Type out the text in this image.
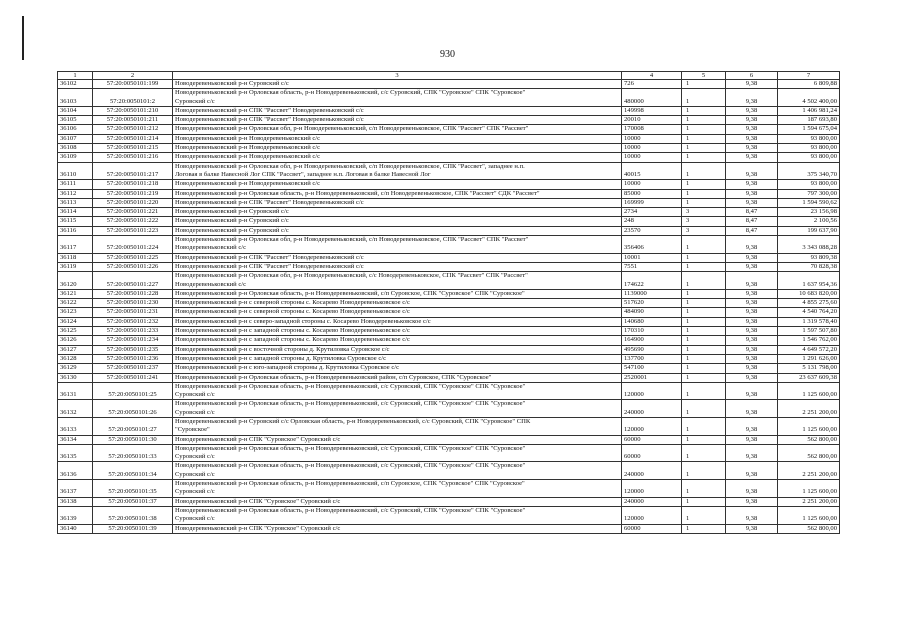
930
1	2	3	4	5	6	7
36102	57:20:0050101:199	Новодеревеньковский р-н Суровский с/с	726	1	9,38	6 809,88
36103	57:20:0050101:2	Новодеревеньковский р-н Орловская область, р-н Новодеревеньковский, с/с Суровский, СПК "Суровское" СПК "Суровское"
Суровский с/с	480000	1	9,38	4 502 400,00
36104	57:20:0050101:210	Новодеревеньковский р-н СПК "Рассвет" Новодеревеньковский с/с	149998	1	9,38	1 406 981,24
36105	57:20:0050101:211	Новодеревеньковский р-н СПК "Рассвет" Новодеревеньковский с/с	20010	1	9,38	187 693,80
36106	57:20:0050101:212	Новодеревеньковский р-н Орловская обл, р-н Новодеревеньковский, с/п Новодеревеньковское, СПК "Рассвет" СПК "Рассвет"	170008	1	9,38	1 594 675,04
36107	57:20:0050101:214	Новодеревеньковский р-н Новодеревеньковский с/с	10000	1	9,38	93 800,00
36108	57:20:0050101:215	Новодеревеньковский р-н Новодеревеньковский с/с	10000	1	9,38	93 800,00
36109	57:20:0050101:216	Новодеревеньковский р-н Новодеревеньковский с/с	10000	1	9,38	93 800,00
36110	57:20:0050101:217	Новодеревеньковский р-н Орловская обл, р-н Новодеревеньковский, с/п Новодеревеньковское, СПК "Рассвет", западнее н.п.
Логовая в балке Навесной Лог СПК "Рассвет", западнее н.п. Логовая в балке Навесной Лог	40015	1	9,38	375 340,70
36111	57:20:0050101:218	Новодеревеньковский р-н Новодеревеньковский с/с	10000	1	9,38	93 800,00
36112	57:20:0050101:219	Новодеревеньковский р-н Орловская область, р-н Новодеревеньковский, с/п Новодеревеньковское, СПК "Рассвет" СДК "Рассвет"	85000	1	9,38	797 300,00
36113	57:20:0050101:220	Новодеревеньковский р-н СПК "Рассвет" Новодеревеньковский с/с	169999	1	9,38	1 594 590,62
36114	57:20:0050101:221	Новодеревеньковский р-н Суровский с/с	2734	3	8,47	23 156,98
36115	57:20:0050101:222	Новодеревеньковский р-н Суровский с/с	248	3	8,47	2 100,56
36116	57:20:0050101:223	Новодеревеньковский р-н Суровский с/с	23570	3	8,47	199 637,90
36117	57:20:0050101:224	Новодеревеньковский р-н Орловская обл, р-н Новодеревеньковский, с/п Новодеревеньковское, СПК "Рассвет" СПК "Рассвет"
Новодеревеньковский с/с	356406	1	9,38	3 343 088,28
36118	57:20:0050101:225	Новодеревеньковский р-н СПК "Рассвет" Новодеревеньковский с/с	10001	1	9,38	93 809,38
36119	57:20:0050101:226	Новодеревеньковский р-н СПК "Рассвет" Новодеревеньковский с/с	7551	1	9,38	70 828,38
36120	57:20:0050101:227	Новодеревеньковский р-н Орловская обл, р-н Новодеревеньковский, с/с Новодеревеньковское, СПК "Рассвет" СПК "Рассвет"
Новодеревеньковский с/с	174622	1	9,38	1 637 954,36
36121	57:20:0050101:228	Новодеревеньковский р-н Орловская область, р-н Новодеревеньковский, с/п Суровское, СПК "Суровское" СПК "Суровское"	1139000	1	9,38	10 683 820,00
36122	57:20:0050101:230	Новодеревеньковский р-н с северной стороны с. Косарево Новодеревеньковское с/с	517620	1	9,38	4 855 275,60
36123	57:20:0050101:231	Новодеревеньковский р-н с северной стороны с. Косарево Новодеревеньковское с/с	484090	1	9,38	4 540 764,20
36124	57:20:0050101:232	Новодеревеньковский р-н с северо-западной стороны с. Косарево Новодеревеньковское с/с	140680	1	9,38	1 319 578,40
36125	57:20:0050101:233	Новодеревеньковский р-н с западной стороны с. Косарево Новодеревеньковское с/с	170310	1	9,38	1 597 507,80
36126	57:20:0050101:234	Новодеревеньковский р-н с западной стороны с. Косарево Новодеревеньковское с/с	164900	1	9,38	1 546 762,00
36127	57:20:0050101:235	Новодеревеньковский р-н с восточной стороны д. Крутиловка Суровское с/с	495690	1	9,38	4 649 572,20
36128	57:20:0050101:236	Новодеревеньковский р-н с западной стороны д. Крутиловка Суровское с/с	137700	1	9,38	1 291 626,00
36129	57:20:0050101:237	Новодеревеньковский р-н с юго-западной стороны д. Крутиловка Суровское с/с	547100	1	9,38	5 131 798,00
36130	57:20:0050101:241	Новодеревеньковский р-н Орловская область, р-н Новодеревеньковский район, с/п Суровское, СПК "Суровское"	2520001	1	9,38	23 637 609,38
36131	57:20:0050101:25	Новодеревеньковский р-н Орловская область, р-н Новодеревеньковский, с/с Суровский, СПК "Суровское" СПК "Суровское"
Суровский с/с	120000	1	9,38	1 125 600,00
36132	57:20:0050101:26	Новодеревеньковский р-н Орловская область, р-н Новодеревеньковский, с/с Суровский, СПК "Суровское" СПК "Суровское"
Суровский с/с	240000	1	9,38	2 251 200,00
36133	57:20:0050101:27	Новодеревеньковский р-н Суровский с/с Орловская область, р-н Новодеревеньковский, с/с Суровский, СПК "Суровское" СПК
"Суровское"	120000	1	9,38	1 125 600,00
36134	57:20:0050101:30	Новодеревеньковский р-н СПК "Суровское" Суровский с/с	60000	1	9,38	562 800,00
36135	57:20:0050101:33	Новодеревеньковский р-н Орловская область, р-н Новодеревеньковский, с/с Суровский, СПК "Суровское" СПК "Суровское"
Суровский с/с	60000	1	9,38	562 800,00
36136	57:20:0050101:34	Новодеревеньковский р-н Орловская область, р-н Новодеревеньковский, с/с Суровский, СПК "Суровское" СПК "Суровское"
Суровский с/с	240000	1	9,38	2 251 200,00
36137	57:20:0050101:35	Новодеревеньковский р-н Орловская область, р-н Новодеревеньковский, с/п Суровское, СПК "Суровское" СПК "Суровское"
Суровский с/с	120000	1	9,38	1 125 600,00
36138	57:20:0050101:37	Новодеревеньковский р-н СПК "Суровское" Суровский с/с	240000	1	9,38	2 251 200,00
36139	57:20:0050101:38	Новодеревеньковский р-н Орловская область, р-н Новодеревеньковский, с/с Суровский, СПК "Суровское" СПК "Суровское"
Суровский с/с	120000	1	9,38	1 125 600,00
36140	57:20:0050101:39	Новодеревеньковский р-н СПК "Суровское" Суровский с/с	60000	1	9,38	562 800,00
